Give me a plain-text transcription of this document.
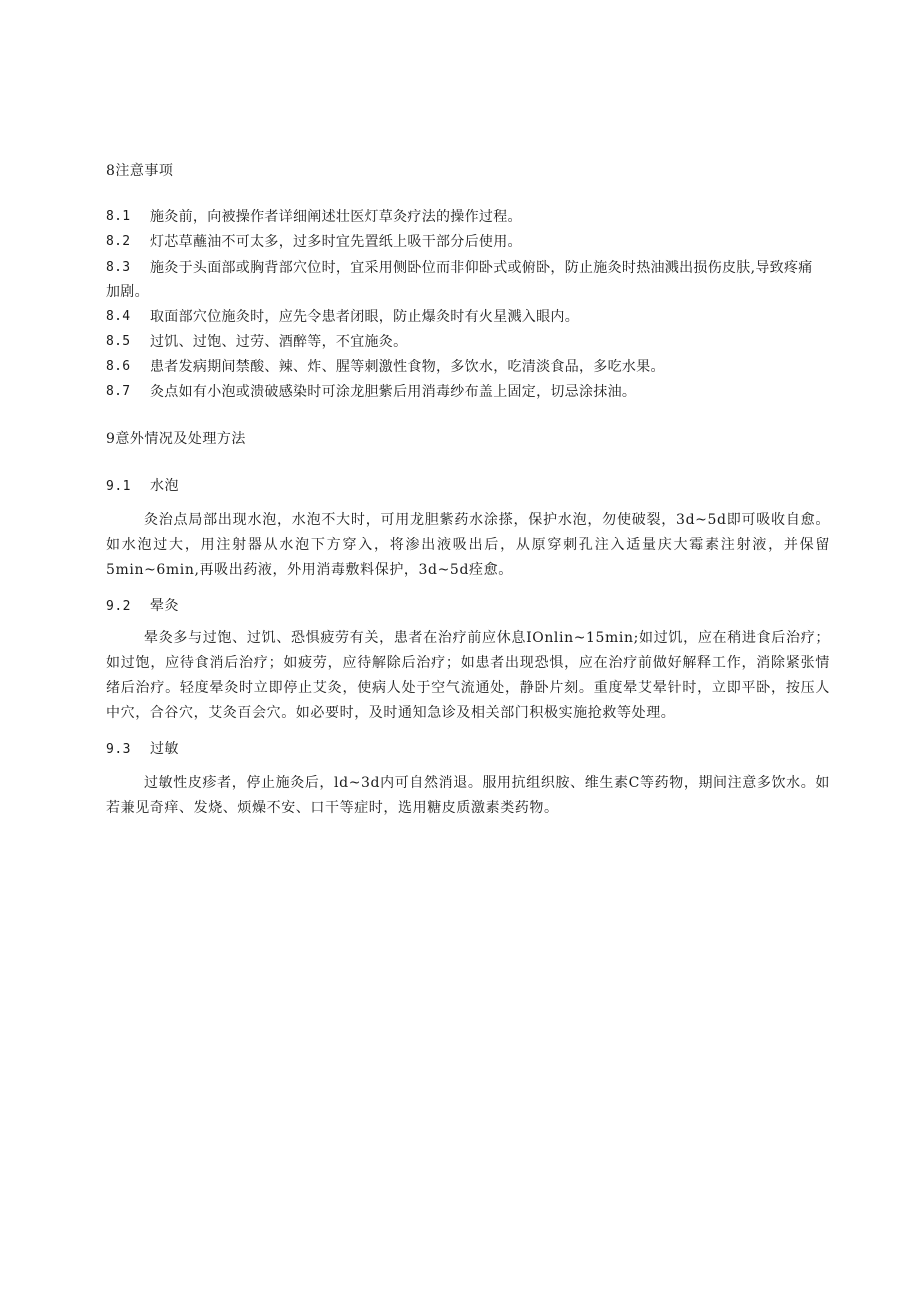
8注意事项
8.1 施灸前，向被操作者详细阐述壮医灯草灸疗法的操作过程。
8.2 灯芯草蘸油不可太多，过多时宜先置纸上吸干部分后使用。
8.3 施灸于头面部或胸背部穴位时，宜采用侧卧位而非仰卧式或俯卧，防止施灸时热油溅出损伤皮肤,导致疼痛加剧。
8.4 取面部穴位施灸时，应先令患者闭眼，防止爆灸时有火星溅入眼内。
8.5 过饥、过饱、过劳、酒醉等，不宜施灸。
8.6 患者发病期间禁酸、辣、炸、腥等刺激性食物，多饮水，吃清淡食品，多吃水果。
8.7 灸点如有小泡或溃破感染时可涂龙胆紫后用消毒纱布盖上固定，切忌涂抹油。
9意外情况及处理方法
9.1 水泡
灸治点局部出现水泡，水泡不大时，可用龙胆紫药水涂搽，保护水泡，勿使破裂，3d~5d即可吸收自愈。如水泡过大，用注射器从水泡下方穿入，将渗出液吸出后，从原穿刺孔注入适量庆大霉素注射液，并保留5min~6min,再吸出药液，外用消毒敷料保护，3d~5d痊愈。
9.2 晕灸
晕灸多与过饱、过饥、恐惧疲劳有关，患者在治疗前应休息IOnlin~15min;如过饥，应在稍进食后治疗；如过饱，应待食消后治疗；如疲劳，应待解除后治疗；如患者出现恐惧，应在治疗前做好解释工作，消除紧张情绪后治疗。轻度晕灸时立即停止艾灸，使病人处于空气流通处，静卧片刻。重度晕艾晕针时，立即平卧，按压人中穴，合谷穴，艾灸百会穴。如必要时，及时通知急诊及相关部门积极实施抢救等处理。
9.3 过敏
过敏性皮疹者，停止施灸后，ld~3d内可自然消退。服用抗组织胺、维生素C等药物，期间注意多饮水。如若兼见奇痒、发烧、烦燥不安、口干等症时，选用糖皮质激素类药物。
